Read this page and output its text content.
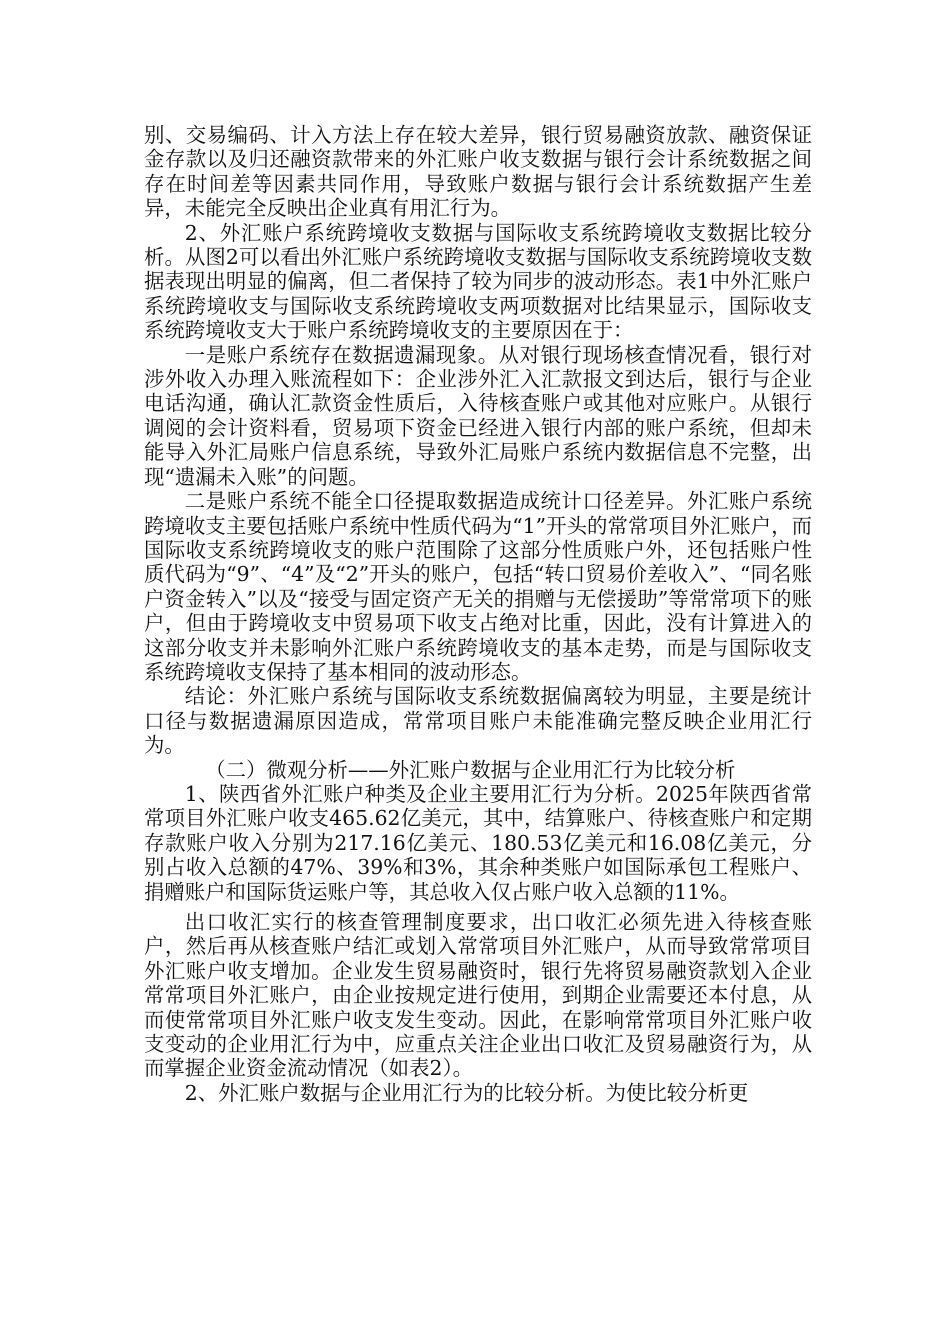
别、交易编码、计入方法上存在较大差异，银行贸易融资放款、融资保证金存款以及归还融资款带来的外汇账户收支数据与银行会计系统数据之间存在时间差等因素共同作用，导致账户数据与银行会计系统数据产生差异，未能完全反映出企业真有用汇行为。

2、外汇账户系统跨境收支数据与国际收支系统跨境收支数据比较分析。从图2可以看出外汇账户系统跨境收支数据与国际收支系统跨境收支数据表现出明显的偏离，但二者保持了较为同步的波动形态。表1中外汇账户系统跨境收支与国际收支系统跨境收支两项数据对比结果显示，国际收支系统跨境收支大于账户系统跨境收支的主要原因在于：

一是账户系统存在数据遗漏现象。从对银行现场核查情况看，银行对涉外收入办理入账流程如下：企业涉外汇入汇款报文到达后，银行与企业电话沟通，确认汇款资金性质后，入待核查账户或其他对应账户。从银行调阅的会计资料看，贸易项下资金已经进入银行内部的账户系统，但却未能导入外汇局账户信息系统，导致外汇局账户系统内数据信息不完整，出现“遗漏未入账”的问题。

二是账户系统不能全口径提取数据造成统计口径差异。外汇账户系统跨境收支主要包括账户系统中性质代码为“1”开头的常常项目外汇账户，而国际收支系统跨境收支的账户范围除了这部分性质账户外，还包括账户性质代码为“9”、“4”及“2”开头的账户，包括“转口贸易价差收入”、“同名账户资金转入”以及“接受与固定资产无关的捐赠与无偿援助”等常常项下的账户，但由于跨境收支中贸易项下收支占绝对比重，因此，没有计算进入的这部分收支并未影响外汇账户系统跨境收支的基本走势，而是与国际收支系统跨境收支保持了基本相同的波动形态。

结论：外汇账户系统与国际收支系统数据偏离较为明显，主要是统计口径与数据遗漏原因造成，常常项目账户未能准确完整反映企业用汇行为。

（二）微观分析——外汇账户数据与企业用汇行为比较分析

1、陕西省外汇账户种类及企业主要用汇行为分析。2025年陕西省常常项目外汇账户收支465.62亿美元，其中，结算账户、待核查账户和定期存款账户收入分别为217.16亿美元、180.53亿美元和16.08亿美元，分别占收入总额的47%、39%和3%，其余种类账户如国际承包工程账户、捐赠账户和国际货运账户等，其总收入仅占账户收入总额的11%。

出口收汇实行的核查管理制度要求，出口收汇必须先进入待核查账户，然后再从核查账户结汇或划入常常项目外汇账户，从而导致常常项目外汇账户收支增加。企业发生贸易融资时，银行先将贸易融资款划入企业常常项目外汇账户，由企业按规定进行使用，到期企业需要还本付息，从而使常常项目外汇账户收支发生变动。因此，在影响常常项目外汇账户收支变动的企业用汇行为中，应重点关注企业出口收汇及贸易融资行为，从而掌握企业资金流动情况（如表2）。

2、外汇账户数据与企业用汇行为的比较分析。为使比较分析更
